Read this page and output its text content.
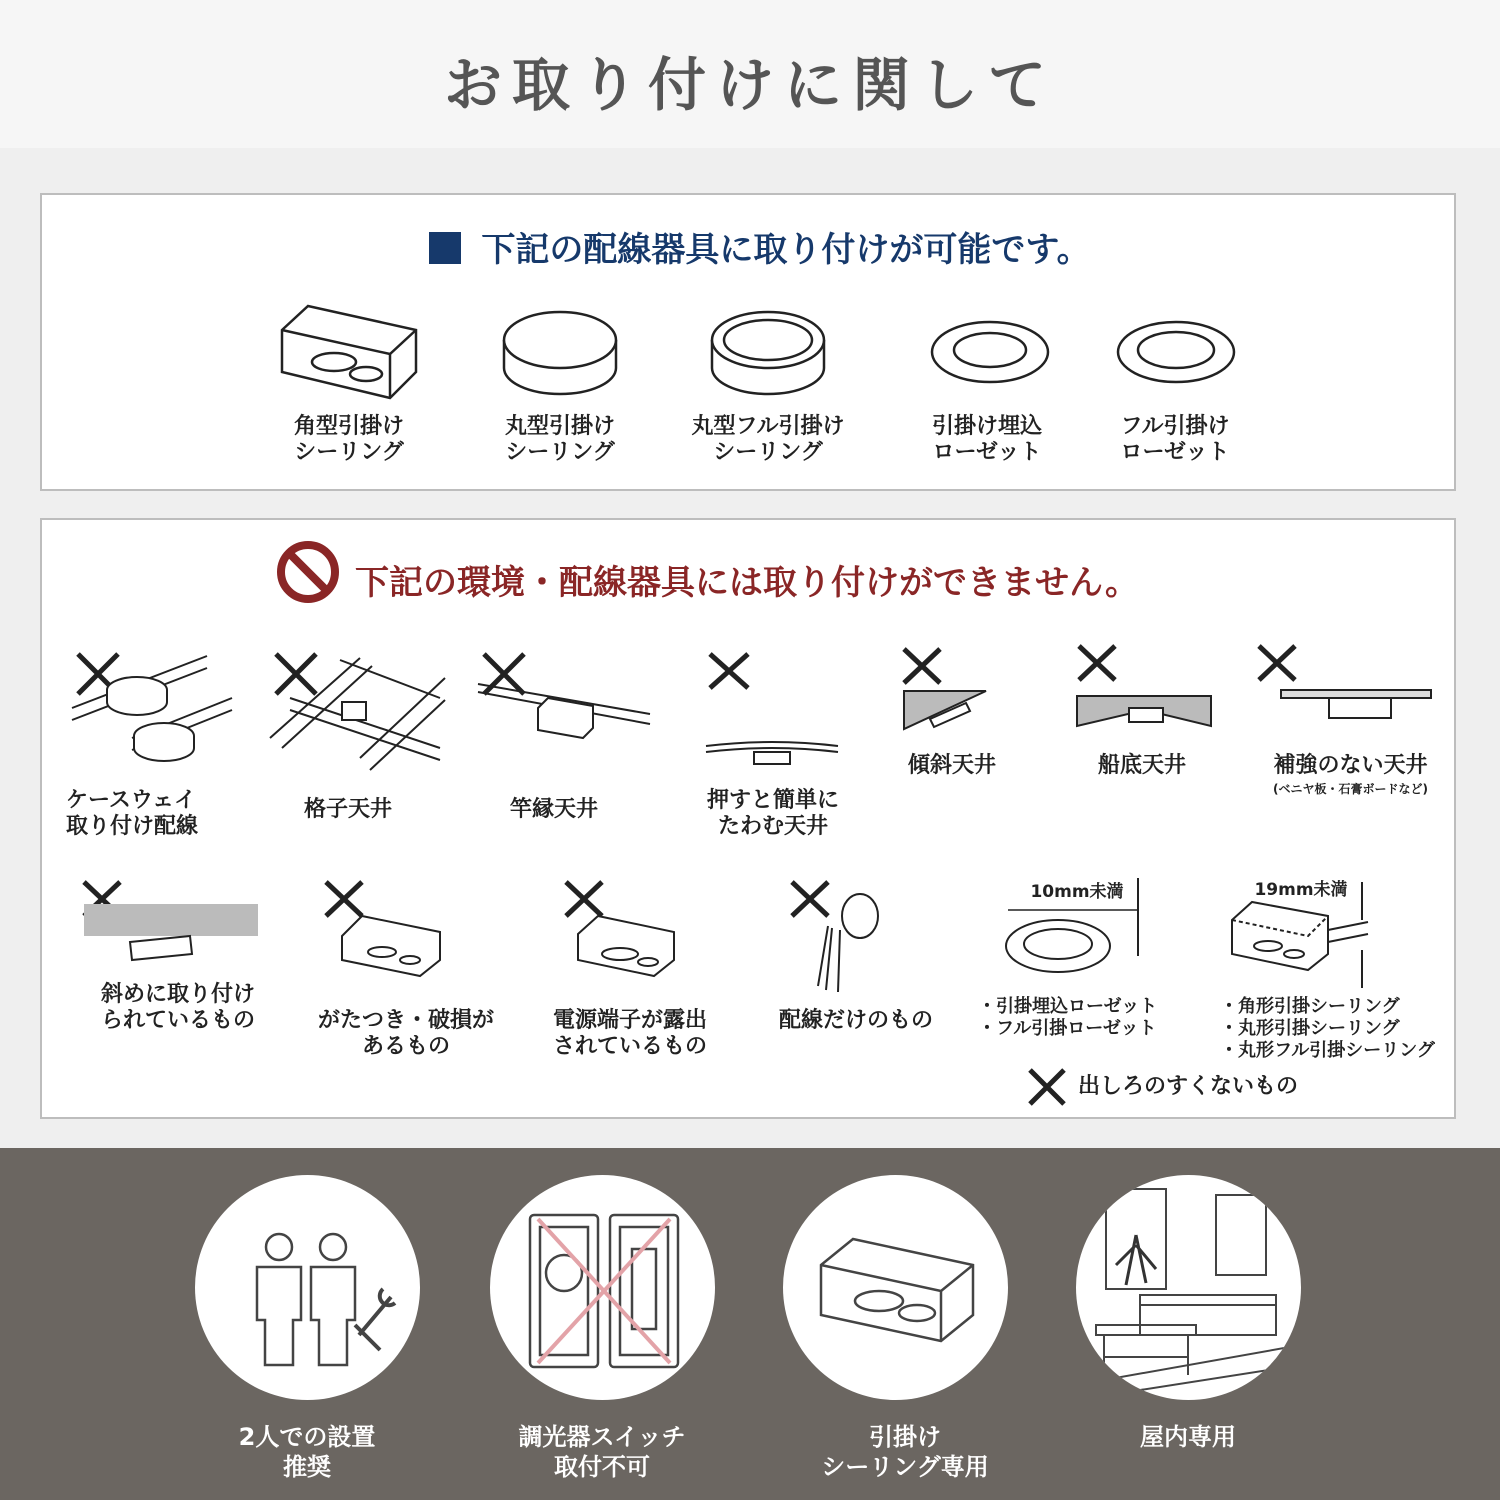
お取り付けに関して
下記の配線器具に取り付けが可能です。
角型引掛け
シーリング
丸型引掛け
シーリング
丸型フル引掛け
シーリング
引掛け埋込
ローゼット
フル引掛け
ローゼット
下記の環境・配線器具には取り付けができません。
ケースウェイ
取り付け配線
格子天井	竿縁天井	押すと簡単に
たわむ天井
傾斜天井	船底天井	補強のない天井
(ベニヤ板・石膏ボードなど)
斜めに取り付け
られているもの	がたつき・破損が
あるもの
電源端子が露出
されているもの
配線だけのもの
10mm未満
・引掛埋込ローゼット
・フル引掛ローゼット
19mm未満
・角形引掛シーリング
・丸形引掛シーリング
・丸形フル引掛シーリング
出しろのすくないもの
2人での設置
推奨
調光器スイッチ
取付不可
引掛け
シーリング専用
屋内専用
